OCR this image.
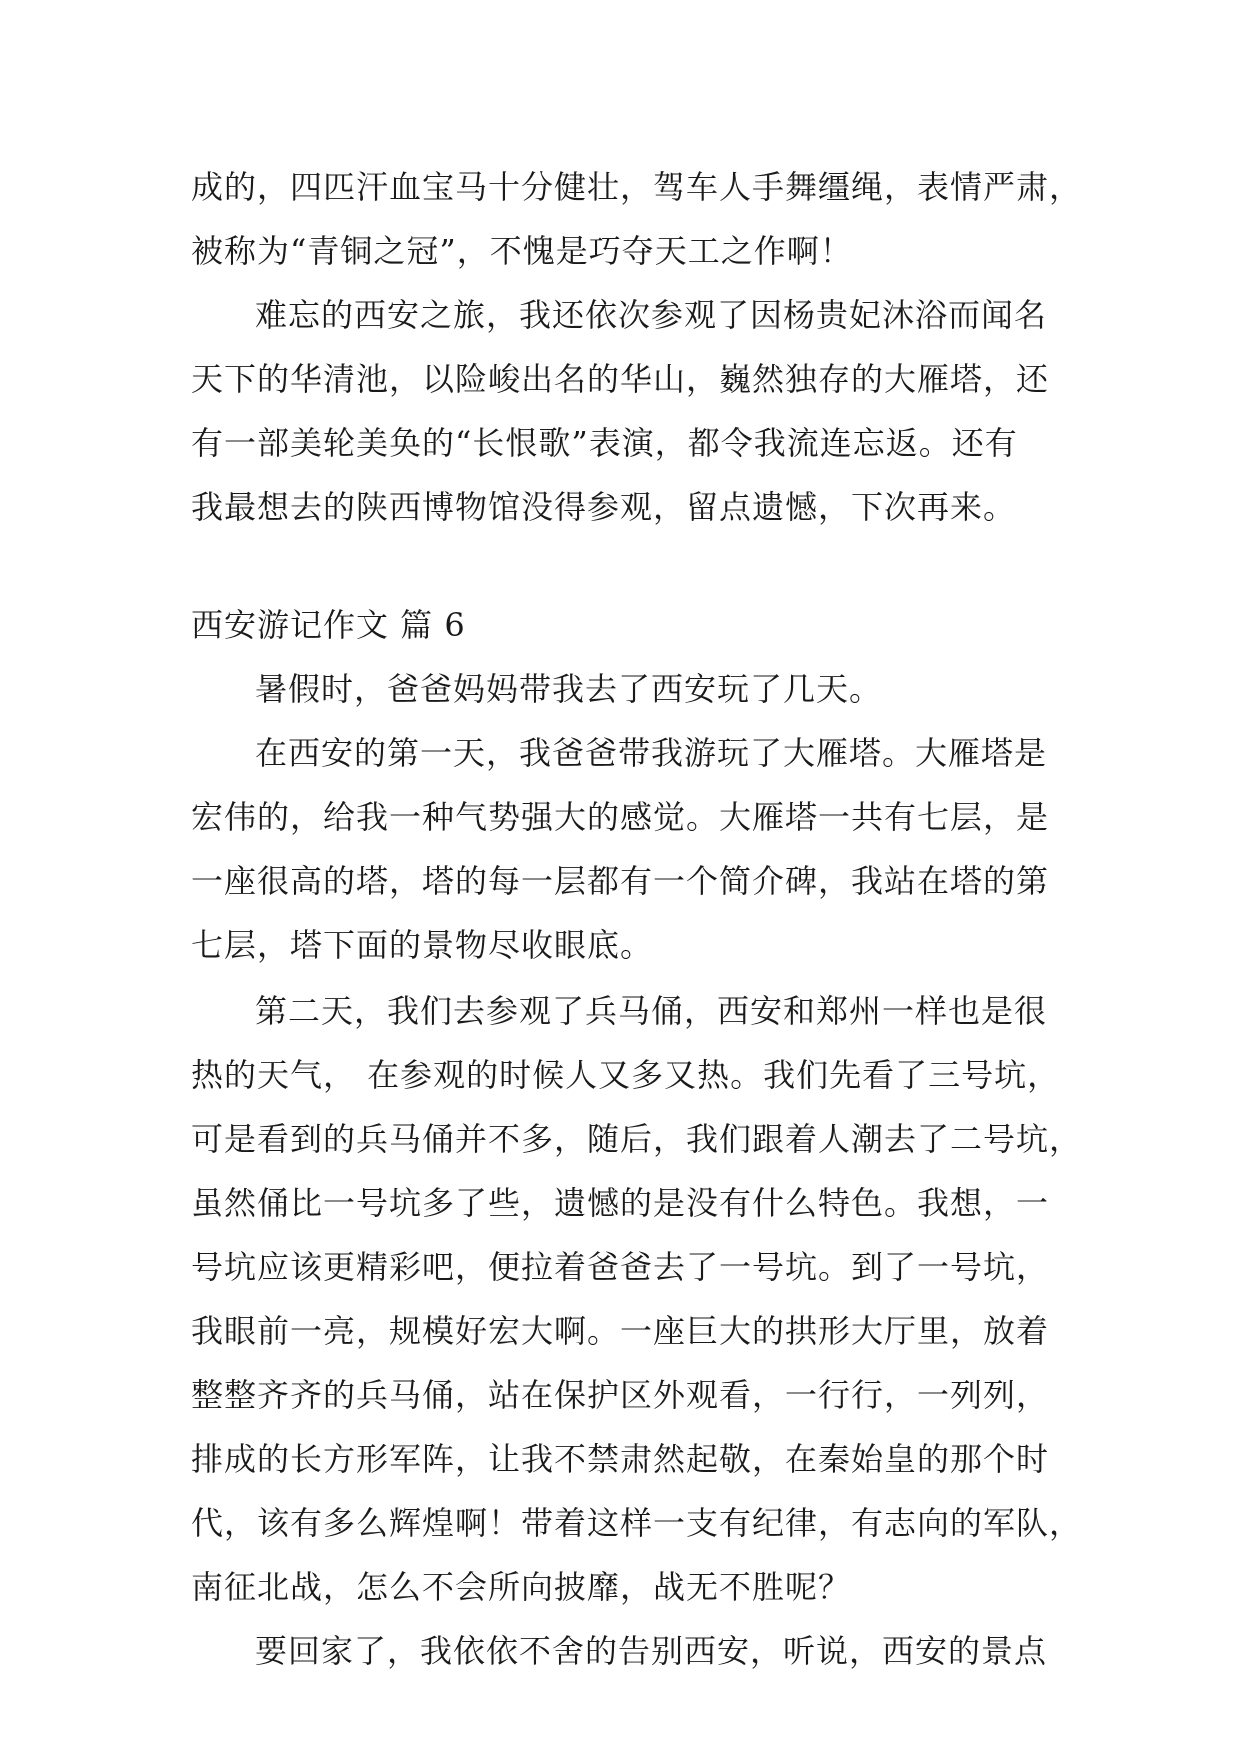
成的，四匹汗血宝马十分健壮，驾车人手舞缰绳，表情严肃，
被称为“青铜之冠”，不愧是巧夺天工之作啊！
难忘的西安之旅，我还依次参观了因杨贵妃沐浴而闻名
天下的华清池，以险峻出名的华山，巍然独存的大雁塔，还
有一部美轮美奂的“长恨歌”表演，都令我流连忘返。还有
我最想去的陕西博物馆没得参观，留点遗憾，下次再来。
西安游记作文 篇 6
暑假时，爸爸妈妈带我去了西安玩了几天。
在西安的第一天，我爸爸带我游玩了大雁塔。大雁塔是
宏伟的，给我一种气势强大的感觉。大雁塔一共有七层，是
一座很高的塔，塔的每一层都有一个简介碑，我站在塔的第
七层，塔下面的景物尽收眼底。
第二天，我们去参观了兵马俑，西安和郑州一样也是很
热的天气， 在参观的时候人又多又热。我们先看了三号坑，
可是看到的兵马俑并不多，随后，我们跟着人潮去了二号坑，
虽然俑比一号坑多了些，遗憾的是没有什么特色。我想，一
号坑应该更精彩吧，便拉着爸爸去了一号坑。到了一号坑，
我眼前一亮，规模好宏大啊。一座巨大的拱形大厅里，放着
整整齐齐的兵马俑，站在保护区外观看，一行行，一列列，
排成的长方形军阵，让我不禁肃然起敬，在秦始皇的那个时
代，该有多么辉煌啊！带着这样一支有纪律，有志向的军队，
南征北战，怎么不会所向披靡，战无不胜呢？
要回家了，我依依不舍的告别西安，听说，西安的景点
